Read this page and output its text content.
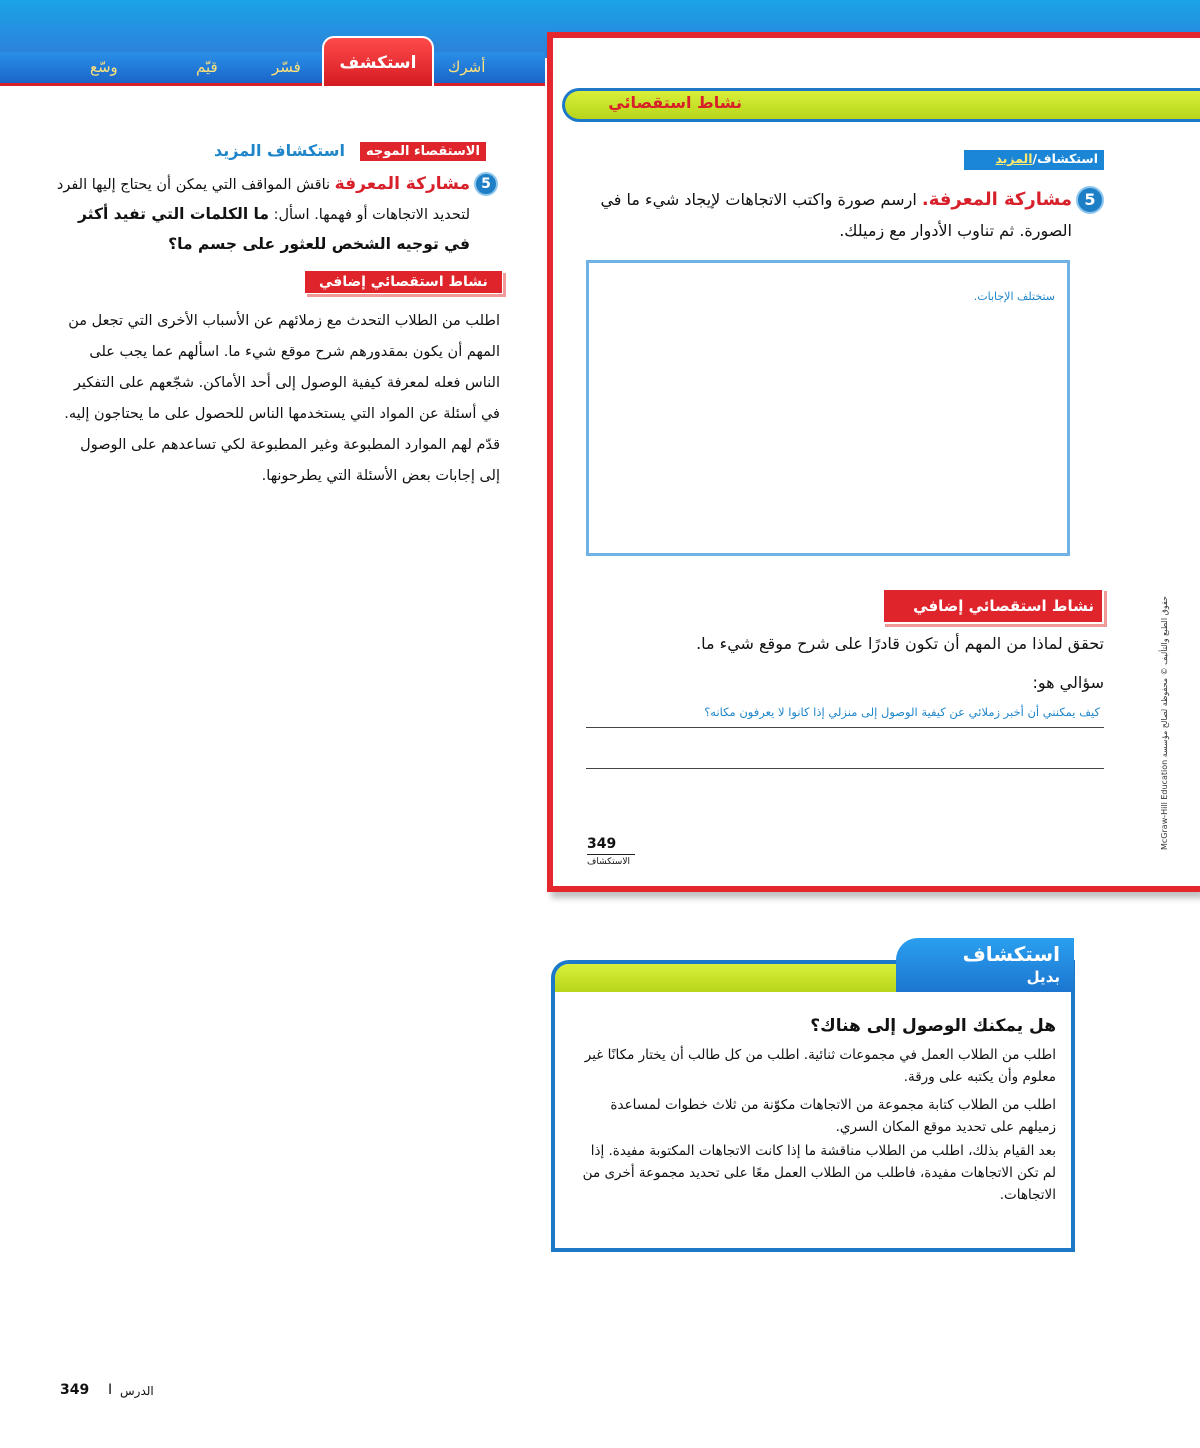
أشرك
استكشف
فسّر
قيّم
وسّع
الاستقصاء الموجه
استكشاف المزيد
5
مشاركة المعرفة ناقش المواقف التي يمكن أن يحتاج إليها الفرد لتحديد الاتجاهات أو فهمها. اسأل: ما الكلمات التي تفيد أكثر في توجيه الشخص للعثور على جسم ما؟
نشاط استقصائي إضافي
اطلب من الطلاب التحدث مع زملائهم عن الأسباب الأخرى التي تجعل من المهم أن يكون بمقدورهم شرح موقع شيء ما. اسألهم عما يجب على الناس فعله لمعرفة كيفية الوصول إلى أحد الأماكن. شجّعهم على التفكير في أسئلة عن المواد التي يستخدمها الناس للحصول على ما يحتاجون إليه. قدّم لهم الموارد المطبوعة وغير المطبوعة لكي تساعدهم على الوصول إلى إجابات بعض الأسئلة التي يطرحونها.
نشاط استقصائي
استكشاف/المزيد
5
مشاركة المعرفة. ارسم صورة واكتب الاتجاهات لإيجاد شيء ما في الصورة. ثم تناوب الأدوار مع زميلك.
ستختلف الإجابات.
نشاط استقصائي إضافي
تحقق لماذا من المهم أن تكون قادرًا على شرح موقع شيء ما.
سؤالي هو:
كيف يمكنني أن أخبر زملائي عن كيفية الوصول إلى منزلي إذا كانوا لا يعرفون مكانه؟
349
الاستكشاف
McGraw-Hill Education حقوق الطبع والتأليف © محفوظة لصالح مؤسسة
استكشاف
بديل
هل يمكنك الوصول إلى هناك؟
اطلب من الطلاب العمل في مجموعات ثنائية. اطلب من كل طالب أن يختار مكانًا غير معلوم وأن يكتبه على ورقة.
اطلب من الطلاب كتابة مجموعة من الاتجاهات مكوّنة من ثلاث خطوات لمساعدة زميلهم على تحديد موقع المكان السري.
بعد القيام بذلك، اطلب من الطلاب مناقشة ما إذا كانت الاتجاهات المكتوبة مفيدة. إذا لم تكن الاتجاهات مفيدة، فاطلب من الطلاب العمل معًا على تحديد مجموعة أخرى من الاتجاهات.
349 I الدرس
